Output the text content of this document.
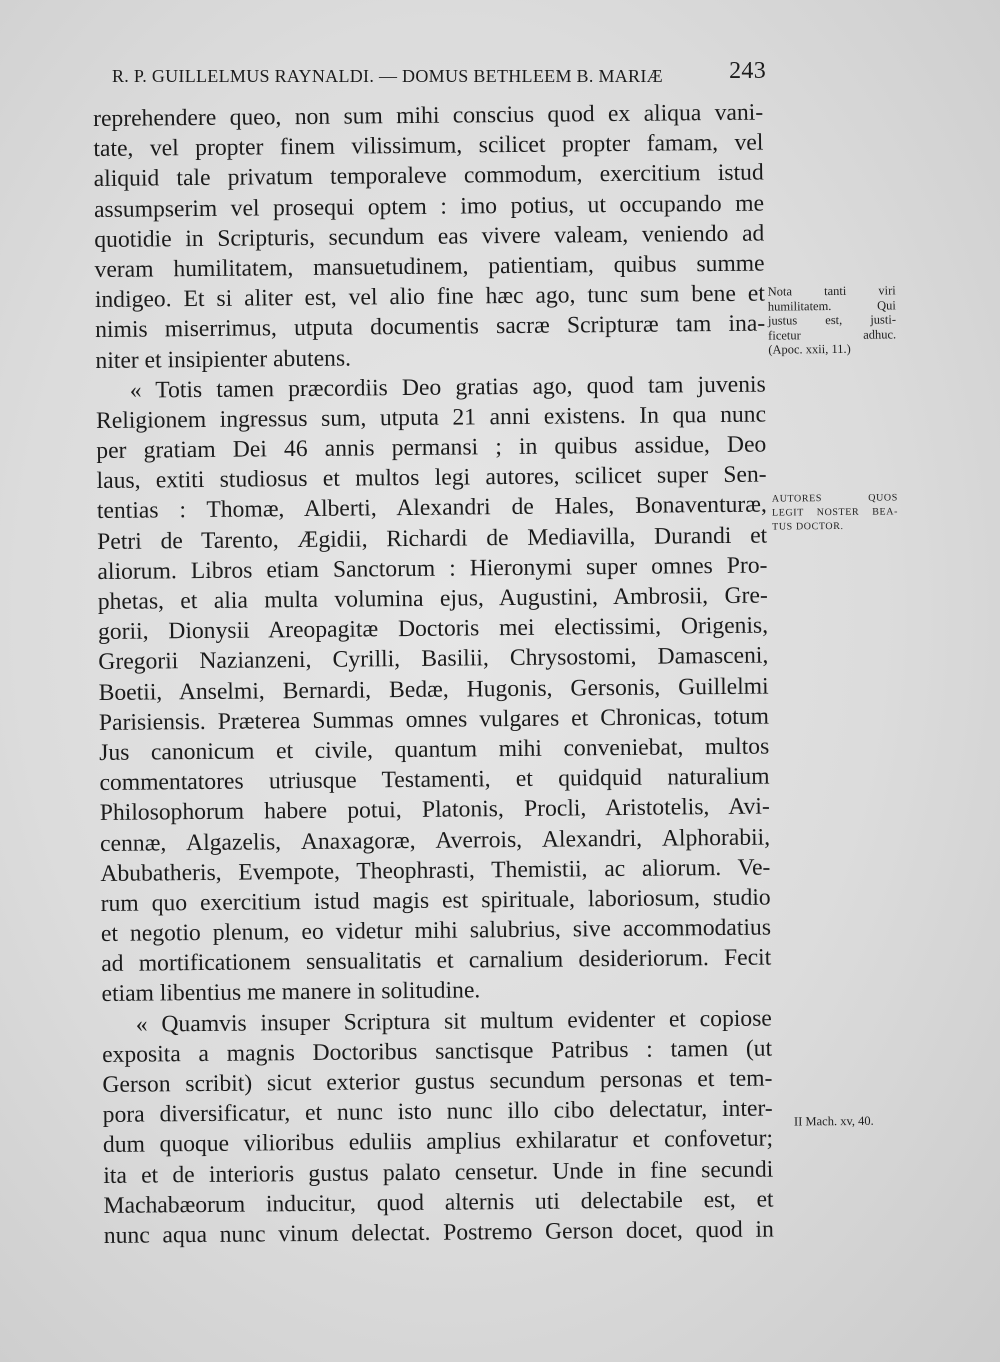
R. P. GUILLELMUS RAYNALDI. — DOMUS BETHLEEM B. MARIÆ	243
reprehendere queo, non sum mihi conscius quod ex aliqua vani-
tate, vel propter finem vilissimum, scilicet propter famam, vel
aliquid tale privatum temporaleve commodum, exercitium istud
assumpserim vel prosequi optem : imo potius, ut occupando me
quotidie in Scripturis, secundum eas vivere valeam, veniendo ad
veram humilitatem, mansuetudinem, patientiam, quibus summe
indigeo. Et si aliter est, vel alio fine hæc ago, tunc sum bene et
nimis miserrimus, utputa documentis sacræ Scripturæ tam ina-
niter et insipienter abutens.
« Totis tamen præcordiis Deo gratias ago, quod tam juvenis
Religionem ingressus sum, utputa 21 anni existens. In qua nunc
per gratiam Dei 46 annis permansi ; in quibus assidue, Deo
laus, extiti studiosus et multos legi autores, scilicet super Sen-
tentias : Thomæ, Alberti, Alexandri de Hales, Bonaventuræ,
Petri de Tarento, Ægidii, Richardi de Mediavilla, Durandi et
aliorum. Libros etiam Sanctorum : Hieronymi super omnes Pro-
phetas, et alia multa volumina ejus, Augustini, Ambrosii, Gre-
gorii, Dionysii Areopagitæ Doctoris mei electissimi, Origenis,
Gregorii Nazianzeni, Cyrilli, Basilii, Chrysostomi, Damasceni,
Boetii, Anselmi, Bernardi, Bedæ, Hugonis, Gersonis, Guillelmi
Parisiensis. Præterea Summas omnes vulgares et Chronicas, totum
Jus canonicum et civile, quantum mihi conveniebat, multos
commentatores utriusque Testamenti, et quidquid naturalium
Philosophorum habere potui, Platonis, Procli, Aristotelis, Avi-
cennæ, Algazelis, Anaxagoræ, Averrois, Alexandri, Alphorabii,
Abubatheris, Evempote, Theophrasti, Themistii, ac aliorum. Ve-
rum quo exercitium istud magis est spirituale, laboriosum, studio
et negotio plenum, eo videtur mihi salubrius, sive accommodatius
ad mortificationem sensualitatis et carnalium desideriorum. Fecit
etiam libentius me manere in solitudine.
« Quamvis insuper Scriptura sit multum evidenter et copiose
exposita a magnis Doctoribus sanctisque Patribus : tamen (ut
Gerson scribit) sicut exterior gustus secundum personas et tem-
pora diversificatur, et nunc isto nunc illo cibo delectatur, inter-
dum quoque vilioribus eduliis amplius exhilaratur et confovetur;
ita et de interioris gustus palato censetur. Unde in fine secundi
Machabæorum inducitur, quod alternis uti delectabile est, et
nunc aqua nunc vinum delectat. Postremo Gerson docet, quod in
Nota tanti viri
humilitatem. Qui
justus est, justi-
ficetur adhuc.
(Apoc. xxii, 11.)
AUTORES QUOS
LEGIT NOSTER BEA-
TUS DOCTOR.
II Mach. xv, 40.
